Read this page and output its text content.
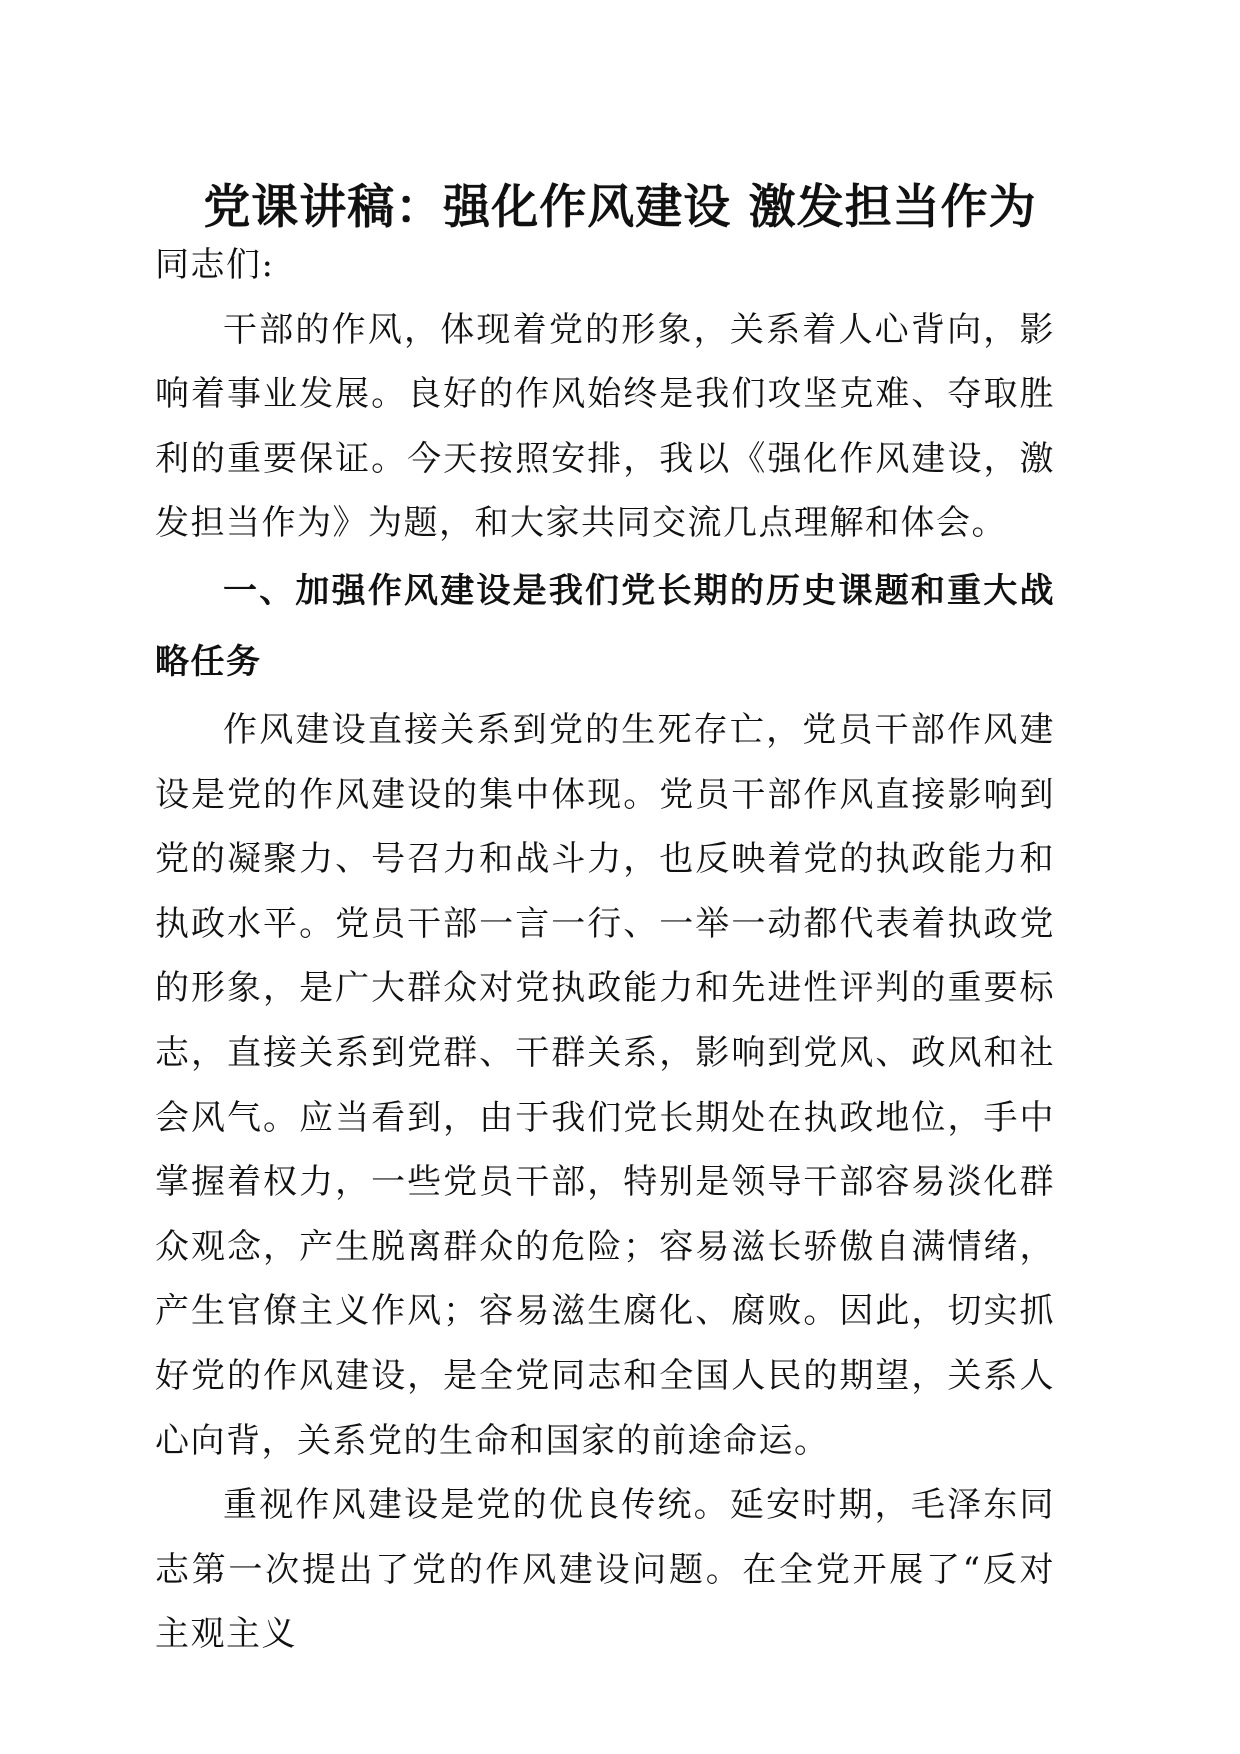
党课讲稿：强化作风建设 激发担当作为

同志们:

干部的作风，体现着党的形象，关系着人心背向，影响着事业发展。良好的作风始终是我们攻坚克难、夺取胜利的重要保证。今天按照安排，我以《强化作风建设，激发担当作为》为题，和大家共同交流几点理解和体会。

一、加强作风建设是我们党长期的历史课题和重大战略任务

作风建设直接关系到党的生死存亡，党员干部作风建设是党的作风建设的集中体现。党员干部作风直接影响到党的凝聚力、号召力和战斗力，也反映着党的执政能力和执政水平。党员干部一言一行、一举一动都代表着执政党的形象，是广大群众对党执政能力和先进性评判的重要标志，直接关系到党群、干群关系，影响到党风、政风和社会风气。应当看到，由于我们党长期处在执政地位，手中掌握着权力，一些党员干部，特别是领导干部容易淡化群众观念，产生脱离群众的危险；容易滋长骄傲自满情绪，产生官僚主义作风；容易滋生腐化、腐败。因此，切实抓好党的作风建设，是全党同志和全国人民的期望，关系人心向背，关系党的生命和国家的前途命运。

重视作风建设是党的优良传统。延安时期，毛泽东同志第一次提出了党的作风建设问题。在全党开展了“反对主观主义
